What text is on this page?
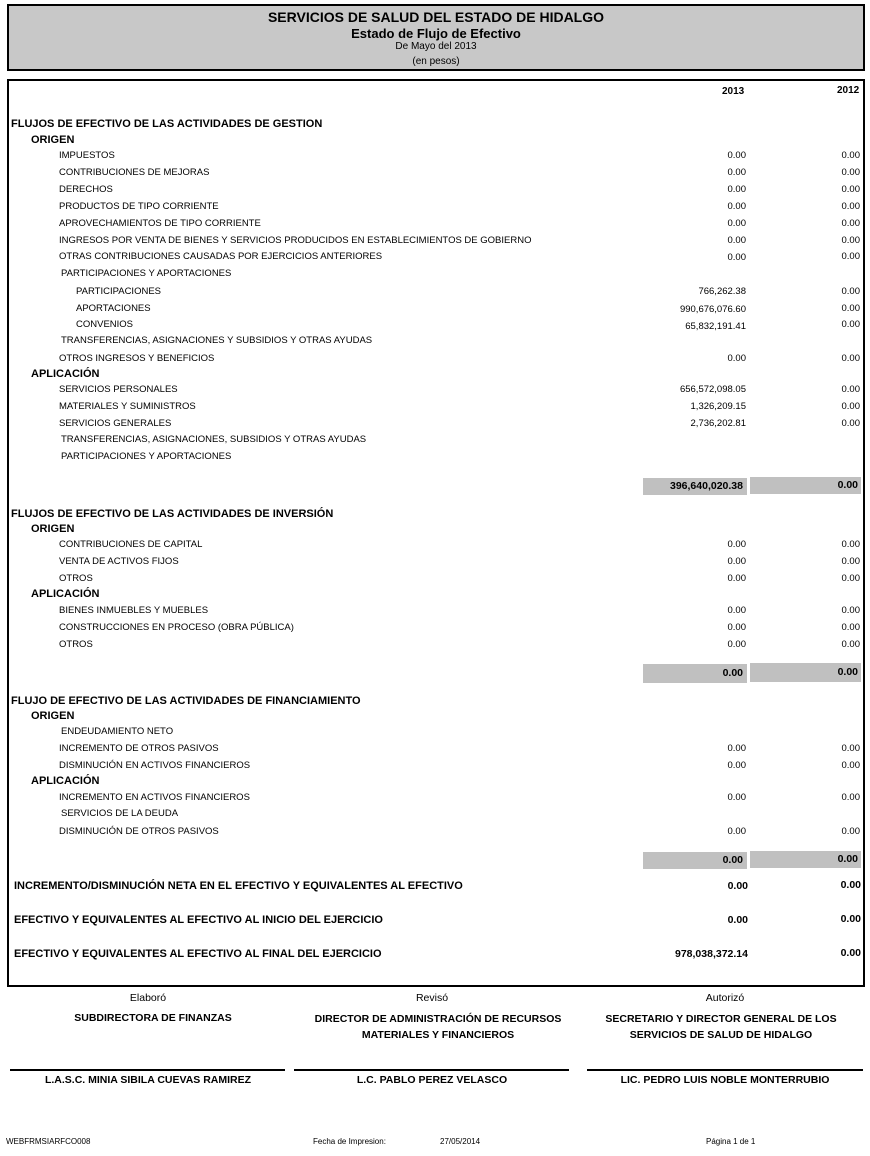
SERVICIOS DE SALUD DEL ESTADO DE HIDALGO
Estado de Flujo de Efectivo
De Mayo del 2013
(en pesos)
2013	2012
FLUJOS DE EFECTIVO DE LAS ACTIVIDADES DE GESTION
ORIGEN
IMPUESTOS	0.00	0.00
CONTRIBUCIONES DE MEJORAS	0.00	0.00
DERECHOS	0.00	0.00
PRODUCTOS DE TIPO CORRIENTE	0.00	0.00
APROVECHAMIENTOS DE TIPO CORRIENTE	0.00	0.00
INGRESOS POR VENTA DE BIENES Y SERVICIOS PRODUCIDOS EN ESTABLECIMIENTOS DE GOBIERNO	0.00	0.00
OTRAS CONTRIBUCIONES CAUSADAS POR EJERCICIOS ANTERIORES	0.00	0.00
PARTICIPACIONES Y APORTACIONES
PARTICIPACIONES	766,262.38	0.00
APORTACIONES	990,676,076.60	0.00
CONVENIOS	65,832,191.41	0.00
TRANSFERENCIAS, ASIGNACIONES Y SUBSIDIOS Y OTRAS AYUDAS
OTROS INGRESOS Y BENEFICIOS	0.00	0.00
APLICACIÓN
SERVICIOS PERSONALES	656,572,098.05	0.00
MATERIALES Y SUMINISTROS	1,326,209.15	0.00
SERVICIOS GENERALES	2,736,202.81	0.00
TRANSFERENCIAS, ASIGNACIONES, SUBSIDIOS Y OTRAS AYUDAS
PARTICIPACIONES Y APORTACIONES
396,640,020.38	0.00
FLUJOS DE EFECTIVO DE LAS ACTIVIDADES DE INVERSIÓN
ORIGEN
CONTRIBUCIONES DE CAPITAL	0.00	0.00
VENTA DE ACTIVOS FIJOS	0.00	0.00
OTROS	0.00	0.00
APLICACIÓN
BIENES INMUEBLES Y MUEBLES	0.00	0.00
CONSTRUCCIONES EN PROCESO (OBRA PÚBLICA)	0.00	0.00
OTROS	0.00	0.00
0.00	0.00
FLUJO DE EFECTIVO DE LAS ACTIVIDADES DE FINANCIAMIENTO
ORIGEN
ENDEUDAMIENTO NETO
INCREMENTO DE OTROS PASIVOS	0.00	0.00
DISMINUCIÓN EN ACTIVOS FINANCIEROS	0.00	0.00
APLICACIÓN
INCREMENTO EN ACTIVOS FINANCIEROS	0.00	0.00
SERVICIOS DE LA DEUDA
DISMINUCIÓN DE OTROS PASIVOS	0.00	0.00
0.00	0.00
INCREMENTO/DISMINUCIÓN NETA EN EL EFECTIVO Y EQUIVALENTES AL EFECTIVO	0.00	0.00
EFECTIVO Y EQUIVALENTES AL EFECTIVO AL INICIO DEL EJERCICIO	0.00	0.00
EFECTIVO Y EQUIVALENTES AL EFECTIVO AL FINAL DEL EJERCICIO	978,038,372.14	0.00
Elaboró
SUBDIRECTORA DE FINANZAS
L.A.S.C. MINIA SIBILA CUEVAS RAMIREZ
Revisó
DIRECTOR DE ADMINISTRACIÓN DE RECURSOS MATERIALES Y FINANCIEROS
L.C. PABLO PEREZ VELASCO
Autorizó
SECRETARIO Y DIRECTOR GENERAL DE LOS SERVICIOS DE SALUD DE HIDALGO
LIC. PEDRO LUIS NOBLE MONTERRUBIO
WEBFRMSIARFCO008	Fecha de Impresion:	27/05/2014	Página 1 de 1
